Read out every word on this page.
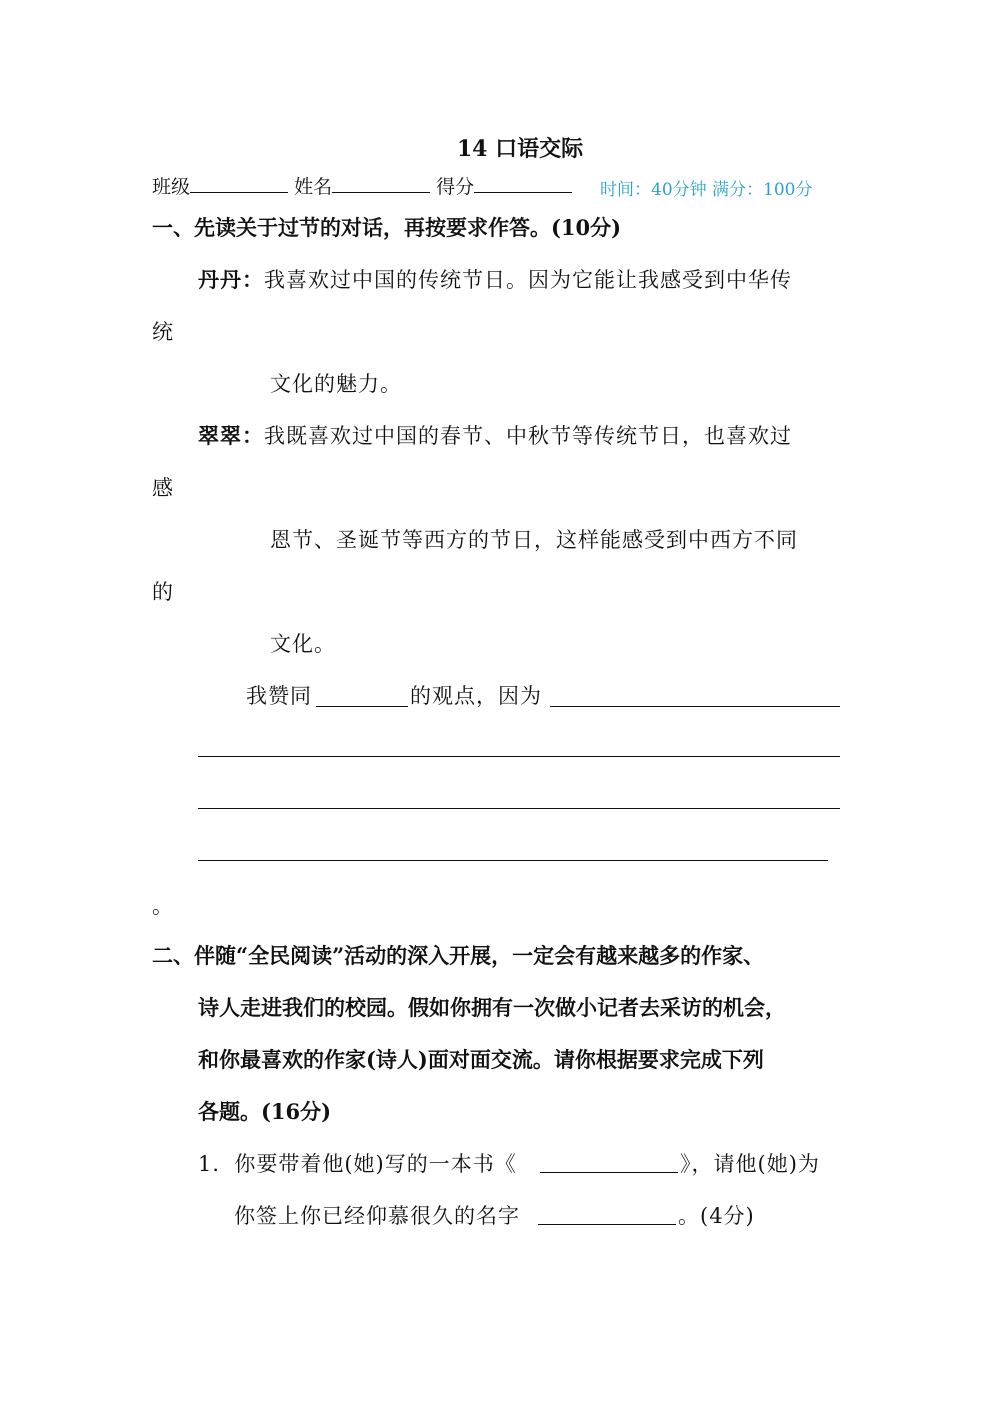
14 口语交际
班级	姓名	得分	时间：40分钟 满分：100分
一、先读关于过节的对话，再按要求作答。(10分)
丹丹：我喜欢过中国的传统节日。因为它能让我感受到中华传
统
文化的魅力。
翠翠：我既喜欢过中国的春节、中秋节等传统节日，也喜欢过
感
恩节、圣诞节等西方的节日，这样能感受到中西方不同
的
文化。
我赞同	的观点，因为
。
二、伴随“全民阅读”活动的深入开展，一定会有越来越多的作家、
诗人走进我们的校园。假如你拥有一次做小记者去采访的机会，
和你最喜欢的作家(诗人)面对面交流。请你根据要求完成下列
各题。(16分)
1．你要带着他(她)写的一本书《	》，请他(她)为
你签上你已经仰慕很久的名字	。(4分)
